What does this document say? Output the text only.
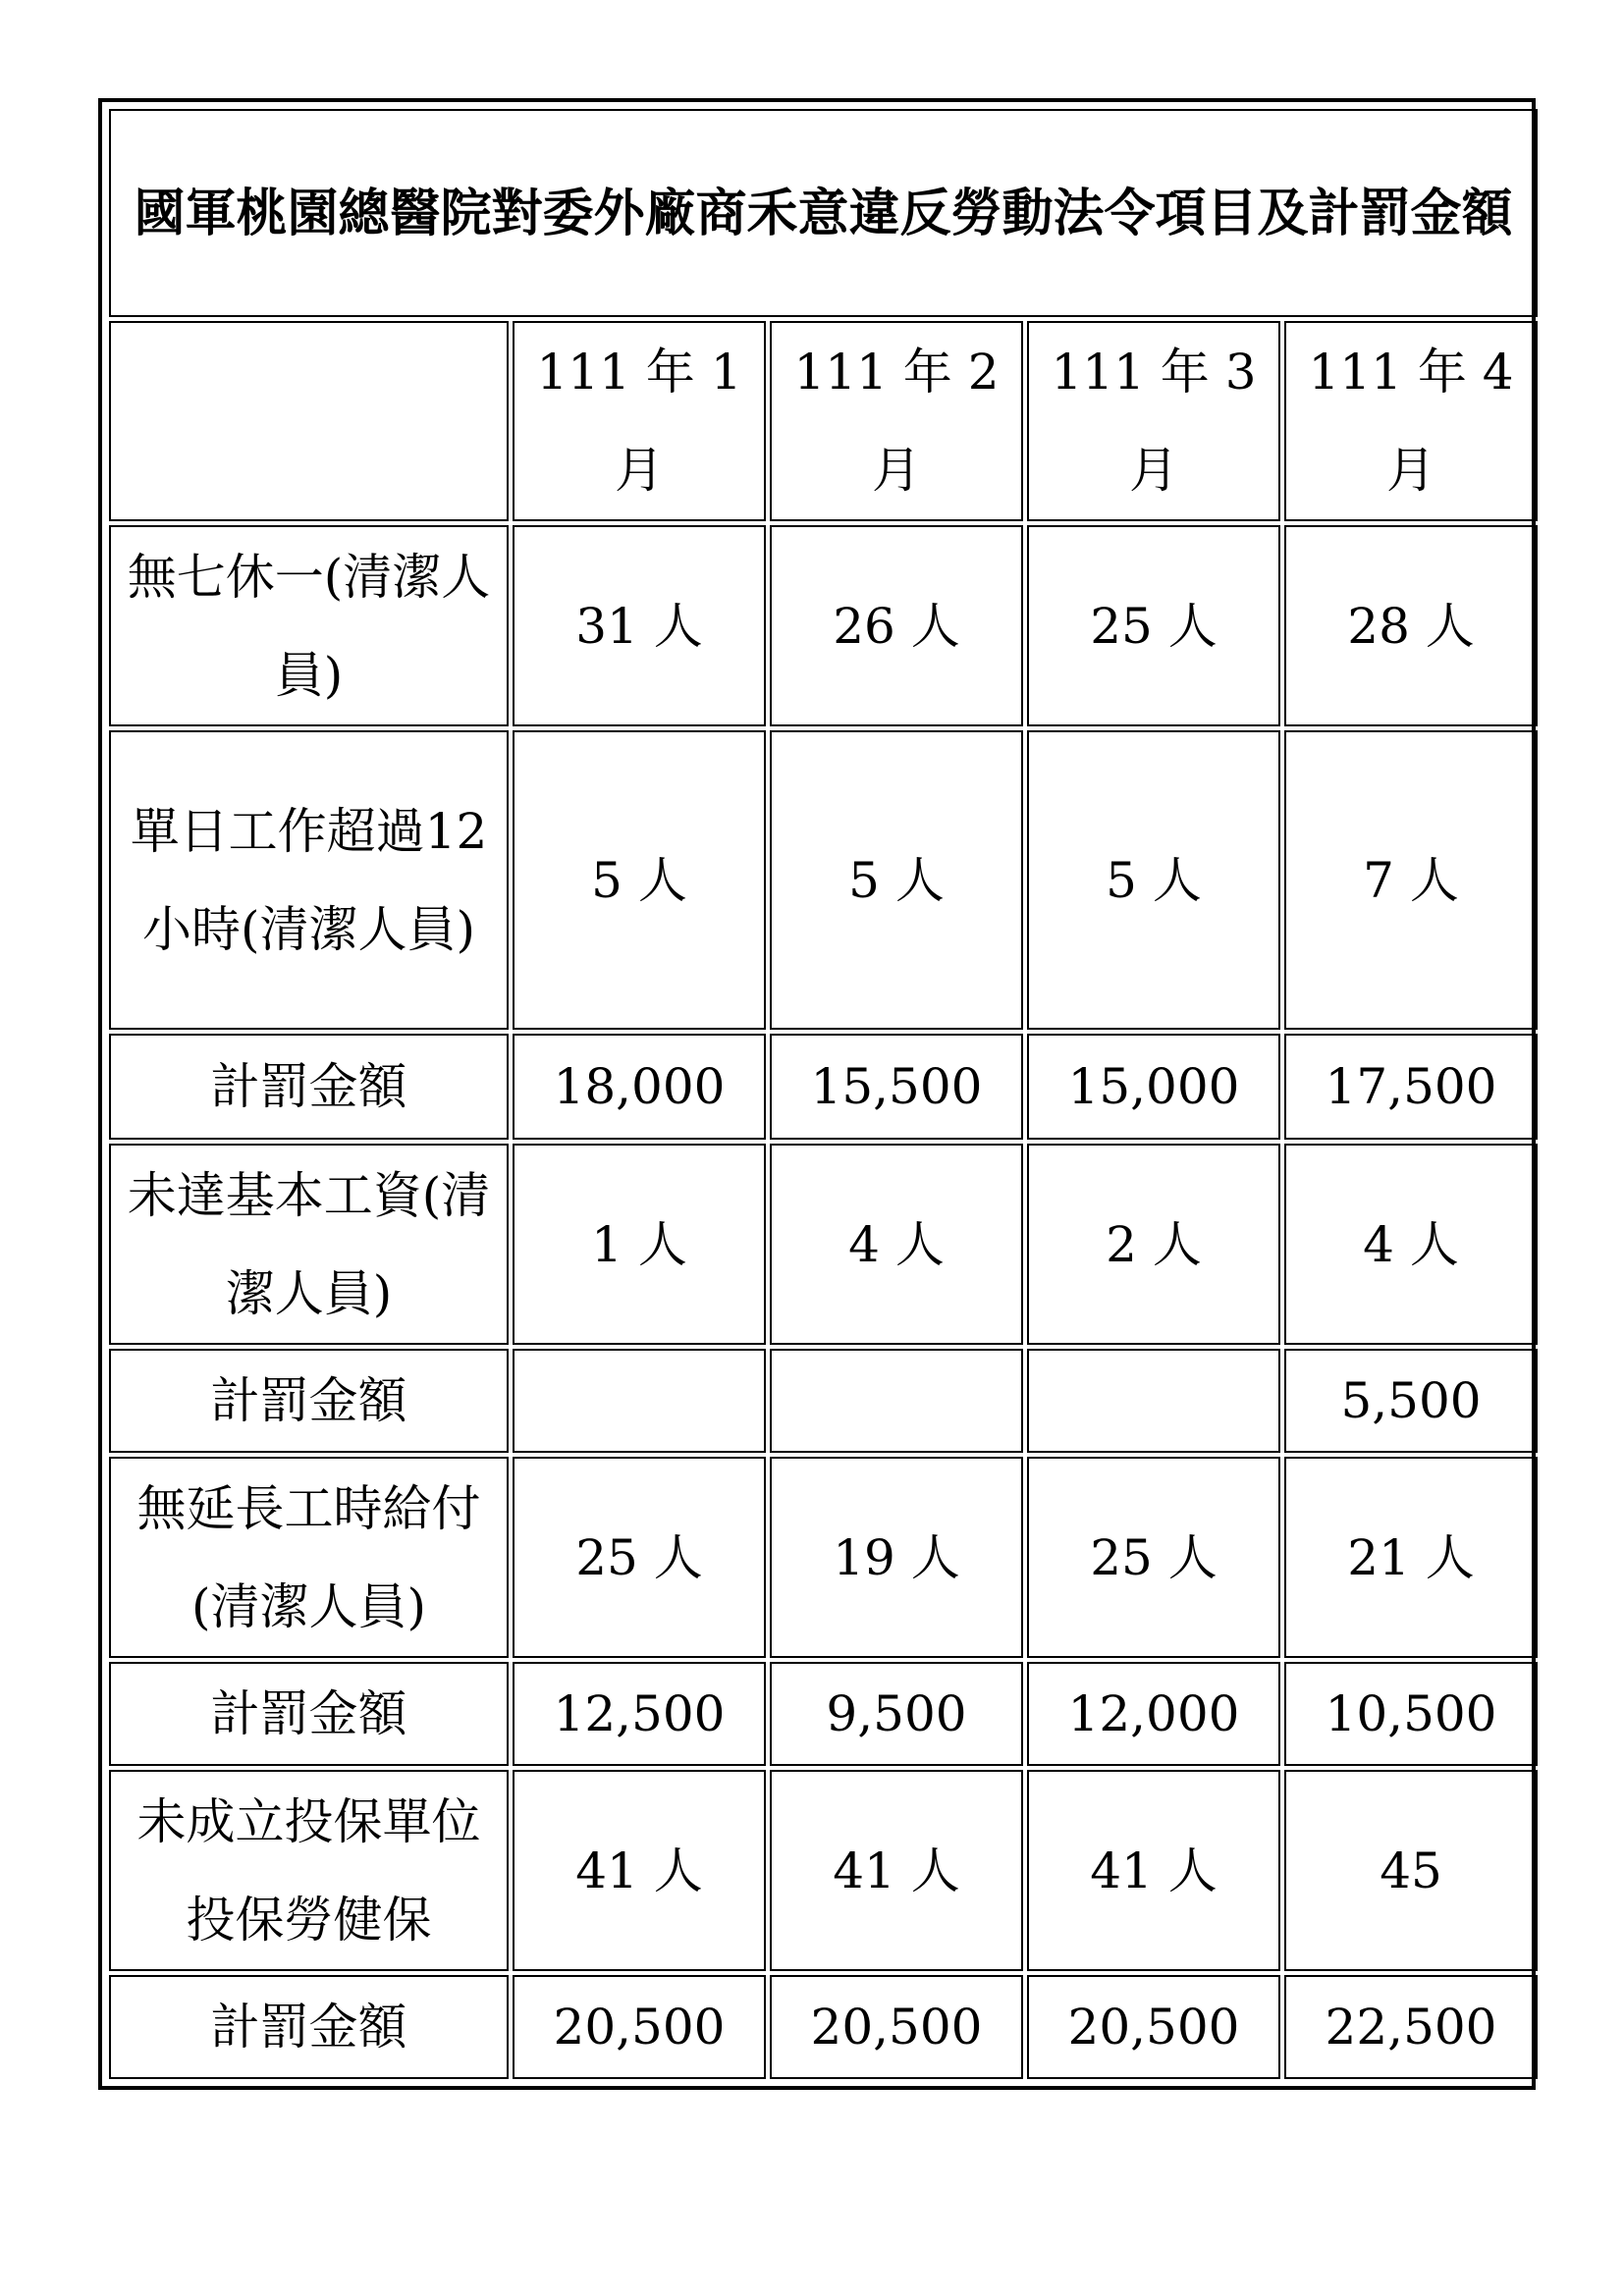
國軍桃園總醫院對委外廠商禾意違反勞動法令項目及計罰金額				
	111 年 1 月	111 年 2 月	111 年 3 月	111 年 4 月
無七休一(清潔人員)	31 人	26 人	25 人	28 人
單日工作超過12 小時(清潔人員)	5 人	5 人	5 人	7 人
計罰金額	18,000	15,500	15,000	17,500
未達基本工資(清潔人員)	1 人	4 人	2 人	4 人
計罰金額				5,500
無延長工時給付(清潔人員)	25 人	19 人	25 人	21 人
計罰金額	12,500	9,500	12,000	10,500
未成立投保單位投保勞健保	41 人	41 人	41 人	45
計罰金額	20,500	20,500	20,500	22,500
